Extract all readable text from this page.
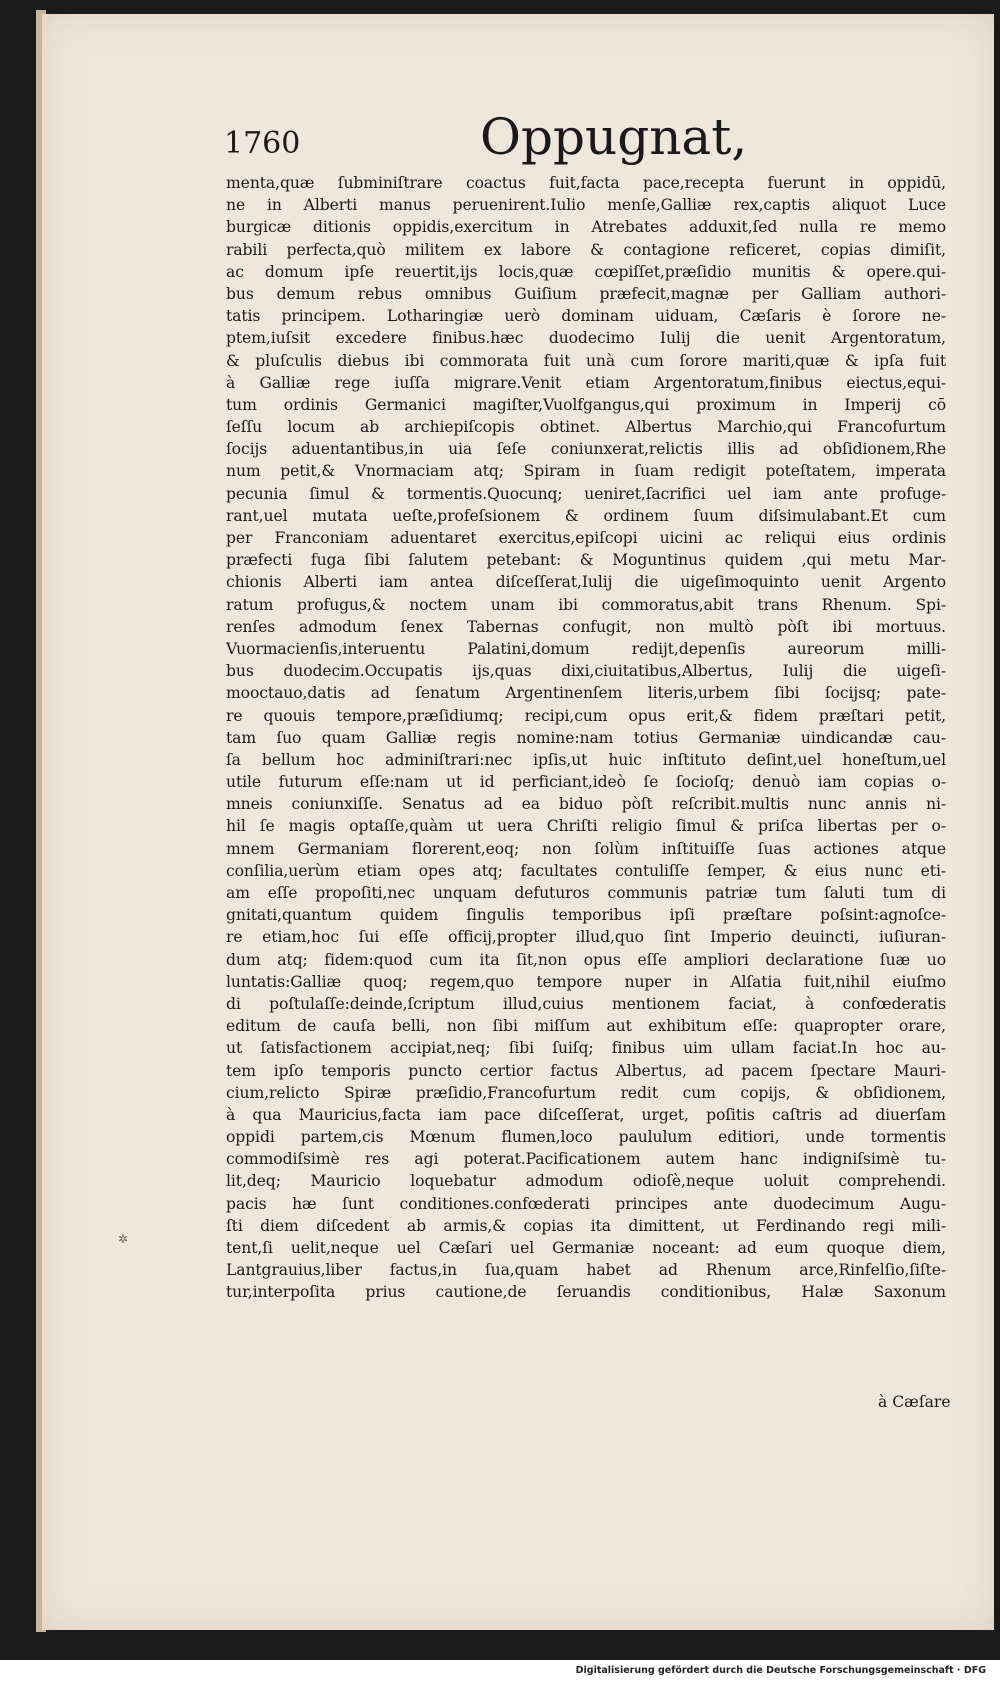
1760	Oppugnat,
menta,quæ ſubminiſtrare coactus fuit,facta pace,recepta fuerunt in oppidū,
ne in Alberti manus peruenirent.Iulio menſe,Galliæ rex,captis aliquot Luce
burgicæ ditionis oppidis,exercitum in Atrebates adduxit,ſed nulla re memo
rabili perfecta,quò militem ex labore & contagione reficeret, copias dimiſit,
ac domum ipſe reuertit,ijs locis,quæ cœpiſſet,præſidio munitis & opere.qui-
bus demum rebus omnibus Guiſium præfecit,magnæ per Galliam authori-
tatis principem. Lotharingiæ uerò dominam uiduam, Cæſaris è ſorore ne-
ptem,iuſsit excedere finibus.hæc duodecimo Iulij die uenit Argentoratum,
& pluſculis diebus ibi commorata fuit unà cum ſorore mariti,quæ & ipſa fuit
à Galliæ rege iuſſa migrare.Venit etiam Argentoratum,finibus eiectus,equi-
tum ordinis Germanici magiſter,Vuolfgangus,qui proximum in Imperij cō
ſeſſu locum ab archiepiſcopis obtinet. Albertus Marchio,qui Francofurtum
ſocijs aduentantibus,in uia ſeſe coniunxerat,relictis illis ad obſidionem,Rhe
num petit,& Vnormaciam atq; Spiram in ſuam redigit poteſtatem, imperata
pecunia ſimul & tormentis.Quocunq; ueniret,ſacrifici uel iam ante profuge-
rant,uel mutata ueſte,profeſsionem & ordinem ſuum diſsimulabant.Et cum
per Franconiam aduentaret exercitus,epiſcopi uicini ac reliqui eius ordinis
præfecti fuga ſibi ſalutem petebant: & Moguntinus quidem ,qui metu Mar-
chionis Alberti iam antea diſceſſerat,Iulij die uigeſimoquinto uenit Argento
ratum profugus,& noctem unam ibi commoratus,abit trans Rhenum. Spi-
renſes admodum ſenex Tabernas confugit, non multò pòſt ibi mortuus.
Vuormacienſis,interuentu Palatini,domum redijt,depenſis aureorum milli-
bus duodecim.Occupatis ijs,quas dixi,ciuitatibus,Albertus, Iulij die uigeſi-
mooctauo,datis ad ſenatum Argentinenſem literis,urbem ſibi ſocijsq; pate-
re quouis tempore,præſidiumq; recipi,cum opus erit,& fidem præſtari petit,
tam ſuo quam Galliæ regis nomine:nam totius Germaniæ uindicandæ cau-
ſa bellum hoc adminiſtrari:nec ipſis,ut huic inſtituto deſint,uel honeſtum,uel
utile futurum eſſe:nam ut id perficiant,ideò ſe ſocioſq; denuò iam copias o-
mneis coniunxiſſe. Senatus ad ea biduo pòſt reſcribit.multis nunc annis ni-
hil ſe magis optaſſe,quàm ut uera Chriſti religio ſimul & priſca libertas per o-
mnem Germaniam florerent,eoq; non ſolùm inſtituiſſe ſuas actiones atque
conſilia,uerùm etiam opes atq; facultates contuliſſe ſemper, & eius nunc eti-
am eſſe propoſiti,nec unquam defuturos communis patriæ tum ſaluti tum di
gnitati,quantum quidem ſingulis temporibus ipſi præſtare poſsint:agnoſce-
re etiam,hoc ſui eſſe officij,propter illud,quo ſint Imperio deuincti, iuſiuran-
dum atq; fidem:quod cum ita ſit,non opus eſſe ampliori declaratione ſuæ uo
luntatis:Galliæ quoq; regem,quo tempore nuper in Alſatia fuit,nihil eiuſmo
di poſtulaſſe:deinde,ſcriptum illud,cuius mentionem faciat, à confœderatis
editum de cauſa belli, non ſibi miſſum aut exhibitum eſſe: quapropter orare,
ut ſatisfactionem accipiat,neq; ſibi ſuiſq; finibus uim ullam faciat.In hoc au-
tem ipſo temporis puncto certior factus Albertus, ad pacem ſpectare Mauri-
cium,relicto Spiræ præſidio,Francofurtum redit cum copijs, & obſidionem,
à qua Mauricius,facta iam pace diſceſſerat, urget, poſitis caſtris ad diuerſam
oppidi partem,cis Mœnum flumen,loco paululum editiori, unde tormentis
commodiſsimè res agi poterat.Pacificationem autem hanc indigniſsimè tu-
lit,deq; Mauricio loquebatur admodum odioſè,neque uoluit comprehendi.
pacis hæ ſunt conditiones.confœderati principes ante duodecimum Augu-
ſti diem diſcedent ab armis,& copias ita dimittent, ut Ferdinando regi mili-
tent,ſi uelit,neque uel Cæſari uel Germaniæ noceant: ad eum quoque diem,
Lantgrauius,liber factus,in ſua,quam habet ad Rhenum arce,Rinfelſio,ſiſte-
tur,interpoſita prius cautione,de ſeruandis conditionibus, Halæ Saxonum
à Cæſare
✲
Digitalisierung gefördert durch die Deutsche Forschungsgemeinschaft · DFG
